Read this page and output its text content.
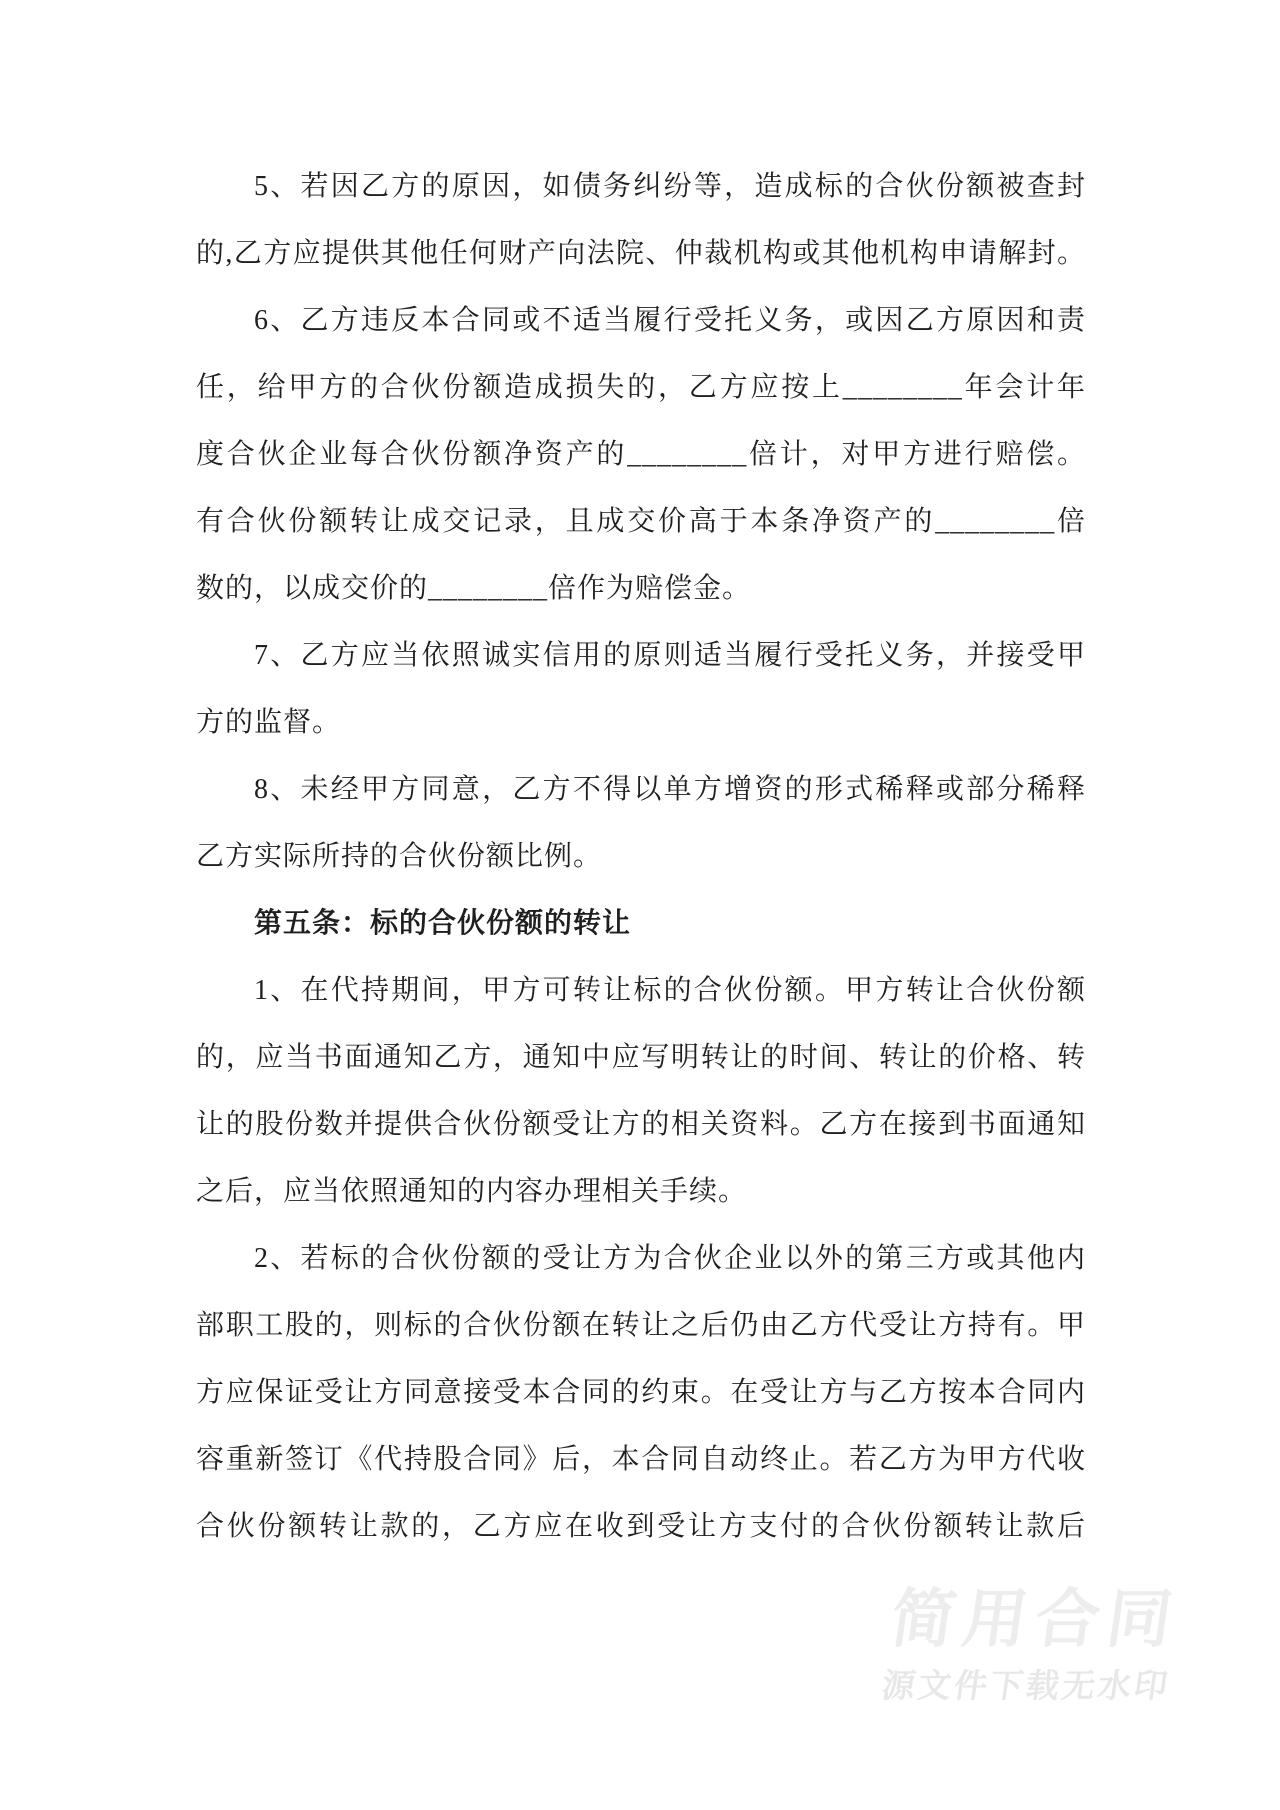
5、若因乙方的原因，如债务纠纷等，造成标的合伙份额被查封
的,乙方应提供其他任何财产向法院、仲裁机构或其他机构申请解封。
6、乙方违反本合同或不适当履行受托义务，或因乙方原因和责
任，给甲方的合伙份额造成损失的，乙方应按上________年会计年
度合伙企业每合伙份额净资产的________倍计，对甲方进行赔偿。
有合伙份额转让成交记录，且成交价高于本条净资产的________倍
数的，以成交价的________倍作为赔偿金。
7、乙方应当依照诚实信用的原则适当履行受托义务，并接受甲
方的监督。
8、未经甲方同意，乙方不得以单方增资的形式稀释或部分稀释
乙方实际所持的合伙份额比例。
第五条：标的合伙份额的转让
1、在代持期间，甲方可转让标的合伙份额。甲方转让合伙份额
的，应当书面通知乙方，通知中应写明转让的时间、转让的价格、转
让的股份数并提供合伙份额受让方的相关资料。乙方在接到书面通知
之后，应当依照通知的内容办理相关手续。
2、若标的合伙份额的受让方为合伙企业以外的第三方或其他内
部职工股的，则标的合伙份额在转让之后仍由乙方代受让方持有。甲
方应保证受让方同意接受本合同的约束。在受让方与乙方按本合同内
容重新签订《代持股合同》后，本合同自动终止。若乙方为甲方代收
合伙份额转让款的，乙方应在收到受让方支付的合伙份额转让款后
简用合同
源文件下载无水印
